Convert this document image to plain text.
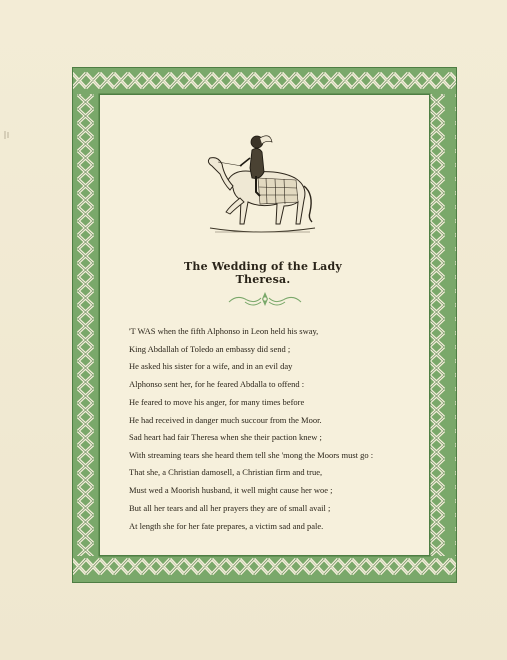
The Wedding of the Lady Theresa.
'T WAS when the fifth Alphonso in Leon held his sway,
King Abdallah of Toledo an embassy did send ;
He asked his sister for a wife, and in an evil day
Alphonso sent her, for he feared Abdalla to offend :
He feared to move his anger, for many times before
He had received in danger much succour from the Moor.
Sad heart had fair Theresa when she their paction knew ;
With streaming tears she heard them tell she 'mong the Moors must go :
That she, a Christian damosell, a Christian firm and true,
Must wed a Moorish husband, it well might cause her woe ;
But all her tears and all her prayers they are of small avail ;
At length she for her fate prepares, a victim sad and pale.
